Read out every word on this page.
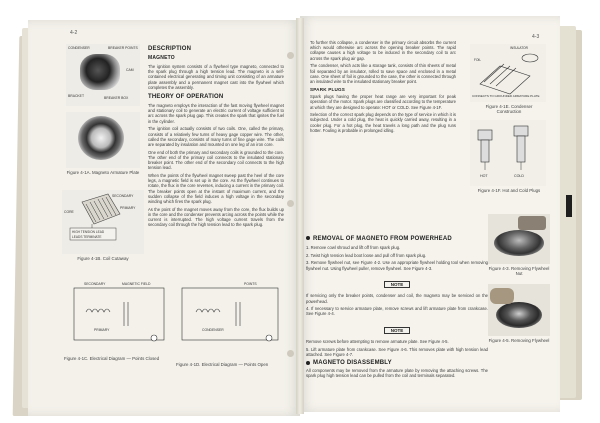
4-2
BREAKER POINTS
CONDENSER
CAM
BRACKET	BREAKER BOX
Figure 4-1A. Magneto Armature Plate
SECONDARY
PRIMARY
CORE
HIGH TENSION LEAD
LEADS TERMINATE
Figure 4-1B. Coil Cutaway
DESCRIPTION
MAGNETO

The ignition system consists of a flywheel type magneto, connected to the spark plug through a high tension lead. The magneto is a self-contained electrical generating and timing unit consisting of an armature plate assembly and a permanent magnet cast into the flywheel which completes the assembly.

THEORY OF OPERATION

The magneto employs the interaction of the fast moving flywheel magnet and stationary coil to generate an electric current of voltage sufficient to arc across the spark plug gap. This creates the spark that ignites the fuel in the cylinder.

The ignition coil actually consists of two coils. One, called the primary, consists of a relatively few turns of heavy gage copper wire. The other, called the secondary, consists of many turns of fine gage wire. The coils are separated by insulation and mounted on one leg of an iron core.

One end of both the primary and secondary coils is grounded to the core. The other end of the primary coil connects to the insulated stationary breaker point. The other end of the secondary coil connects to the high tension lead.

When the points of the flywheel magnet sweep past the heel of the core legs, a magnetic field is set up in the core. As the flywheel continues to rotate, the flux in the core reverses, inducing a current in the primary coil. The breaker points open at the instant of maximum current, and the sudden collapse of the field induces a high voltage in the secondary winding which fires the spark plug.

As the point of the magnet moves away from the core, the flux builds up in the core and the condenser prevents arcing across the points while the current is interrupted. The high voltage current travels from the secondary coil through the high tension lead to the spark plug.

SECONDARY	MAGNETIC FIELD
PRIMARY	CONDENSER
POINTS
Figure 4-1C. Electrical Diagram — Points Closed
Figure 4-1D. Electrical Diagram — Points Open
4-3

To further this collapse, a condenser in the primary circuit absorbs the current which would otherwise arc across the opening breaker points. The rapid collapse causes a high voltage to be induced in the secondary coil to arc across the spark plug air gap.

The condenser, which acts like a storage tank, consists of thin sheets of metal foil separated by an insulator, rolled to save space and enclosed in a metal case. One sheet of foil is grounded to the case, the other is connected through an insulated wire to the insulated stationary breaker point.

SPARK PLUGS

Spark plugs having the proper heat range are very important for peak operation of the motor. Spark plugs are classified according to the temperature at which they are designed to operate: HOT or COLD. See Figure 4-1F.

Selection of the correct spark plug depends on the type of service in which it is subjected. Under a cold plug, the heat is quickly carried away, resulting in a cooler plug. For a hot plug, the heat travels a long path and the plug runs hotter. Fouling is probable in prolonged idling.

REMOVAL OF MAGNETO FROM POWERHEAD

1. Remove cowl shroud and lift off from spark plug.

2. Twist high tension lead boot loose and pull off from spark plug.

3. Remove flywheel nut, see Figure 4-2. Use an appropriate flywheel holding tool when removing flywheel nut. Using flywheel puller, remove flywheel. See Figure 4-3.

NOTE

If servicing only the breaker points, condenser and coil, the magneto may be serviced on the powerhead.

4. If necessary to service armature plate, remove screws and lift armature plate from crankcase. See Figure 4-4.

NOTE

Remove screws before attempting to remove armature plate. See Figure 4-5.

5. Lift armature plate from crankcase. See Figure 4-6. This removes plate with high tension lead attached. See Figure 4-7.

MAGNETO DISASSEMBLY

All components may be removed from the armature plate by removing the attaching screws. The spark plug high tension lead can be pulled from the coil and terminals separated.

INSULATOR
FOIL
CONNECTS TO GROUNDED ARMATURE PLATE
Figure 4-1E. Condenser Construction
HOT	COLD
Figure 4-1F. Hot and Cold Plugs
Figure 4-3. Removing Flywheel Nut
Figure 4-5. Removing Flywheel
